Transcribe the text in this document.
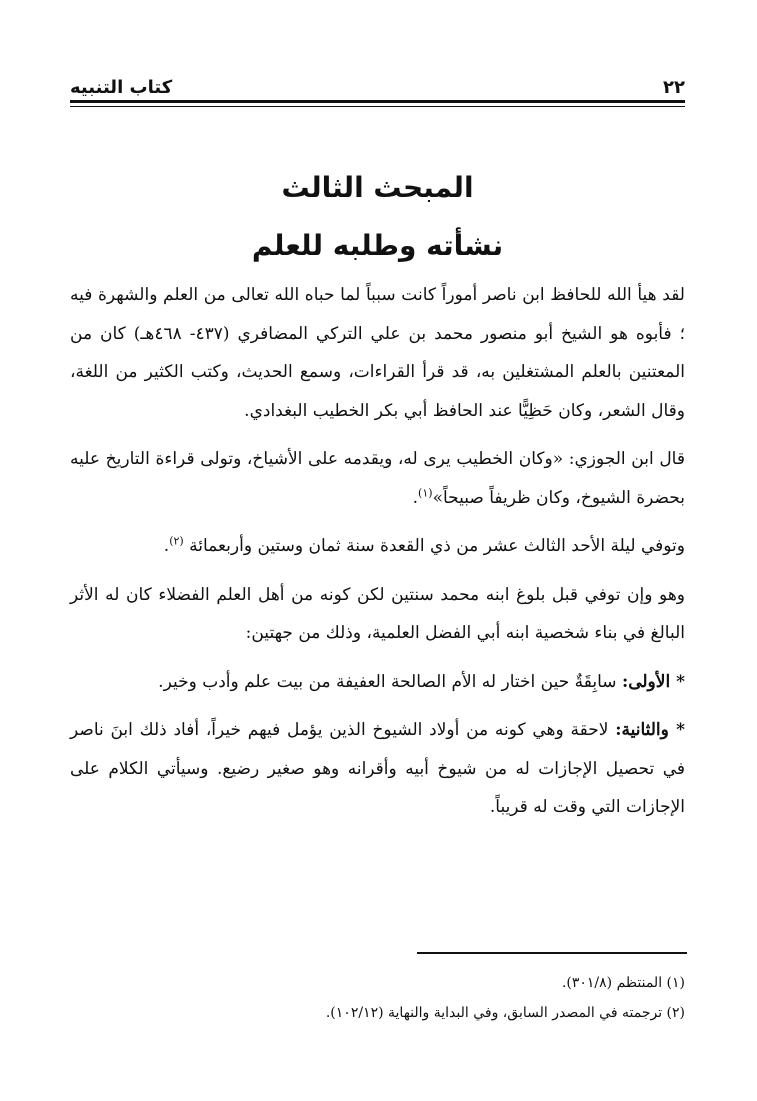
٢٢
كتاب التنبيه
المبحث الثالث
نشأته وطلبه للعلم

لقد هيأ الله للحافظ ابن ناصر أموراً كانت سبباً لما حباه الله تعالى من العلم والشهرة فيه ؛ فأبوه هو الشيخ أبو منصور محمد بن علي التركي المضافري (٤٣٧- ٤٦٨هـ) كان من المعتنين بالعلم المشتغلين به، قد قرأ القراءات، وسمع الحديث، وكتب الكثير من اللغة، وقال الشعر، وكان حَظِيًّا عند الحافظ أبي بكر الخطيب البغدادي.

قال ابن الجوزي: «وكان الخطيب يرى له، ويقدمه على الأشياخ، وتولى قراءة التاريخ عليه بحضرة الشيوخ، وكان ظريفاً صبيحاً»$^{(١)}$.

وتوفي ليلة الأحد الثالث عشر من ذي القعدة سنة ثمان وستين وأربعمائة $^{(٢)}$.

وهو وإن توفي قبل بلوغ ابنه محمد سنتين لكن كونه من أهل العلم الفضلاء كان له الأثر البالغ في بناء شخصية ابنه أبي الفضل العلمية، وذلك من جهتين:

* الأولى: سابِقَةٌ حين اختار له الأم الصالحة العفيفة من بيت علم وأدب وخير.

* والثانية: لاحقة وهي كونه من أولاد الشيوخ الذين يؤمل فيهم خيراً، أفاد ذلك ابنَ ناصر في تحصيل الإجازات له من شيوخ أبيه وأقرانه وهو صغير رضيع. وسيأتي الكلام على الإجازات التي وقت له قريباً.

(١) المنتظم (٣٠١/٨).
(٢) ترجمته في المصدر السابق، وفي البداية والنهاية (١٠٢/١٢).
